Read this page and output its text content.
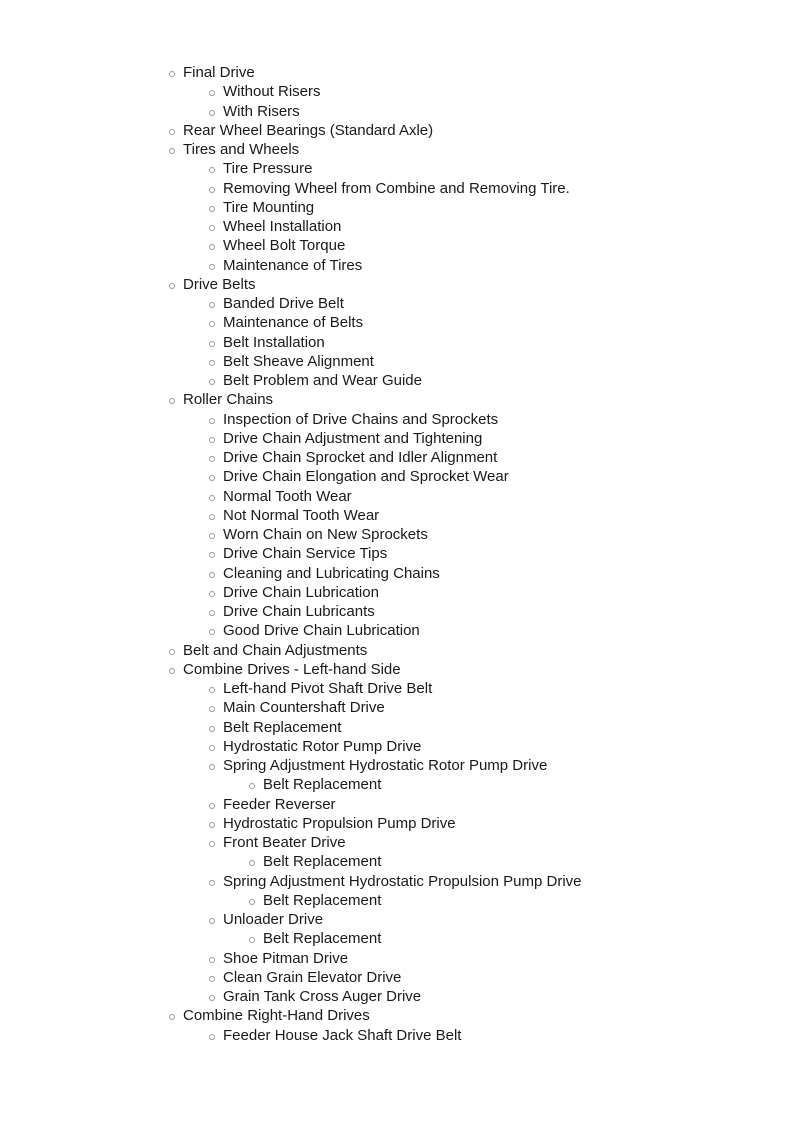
Final Drive
Without Risers
With Risers
Rear Wheel Bearings (Standard Axle)
Tires and Wheels
Tire Pressure
Removing Wheel from Combine and Removing Tire.
Tire Mounting
Wheel Installation
Wheel Bolt Torque
Maintenance of Tires
Drive Belts
Banded Drive Belt
Maintenance of Belts
Belt Installation
Belt Sheave Alignment
Belt Problem and Wear Guide
Roller Chains
Inspection of Drive Chains and Sprockets
Drive Chain Adjustment and Tightening
Drive Chain Sprocket and Idler Alignment
Drive Chain Elongation and Sprocket Wear
Normal Tooth Wear
Not Normal Tooth Wear
Worn Chain on New Sprockets
Drive Chain Service Tips
Cleaning and Lubricating Chains
Drive Chain Lubrication
Drive Chain Lubricants
Good Drive Chain Lubrication
Belt and Chain Adjustments
Combine Drives - Left-hand Side
Left-hand Pivot Shaft Drive Belt
Main Countershaft Drive
Belt Replacement
Hydrostatic Rotor Pump Drive
Spring Adjustment Hydrostatic Rotor Pump Drive
Belt Replacement
Feeder Reverser
Hydrostatic Propulsion Pump Drive
Front Beater Drive
Belt Replacement
Spring Adjustment Hydrostatic Propulsion Pump Drive
Belt Replacement
Unloader Drive
Belt Replacement
Shoe Pitman Drive
Clean Grain Elevator Drive
Grain Tank Cross Auger Drive
Combine Right-Hand Drives
Feeder House Jack Shaft Drive Belt
